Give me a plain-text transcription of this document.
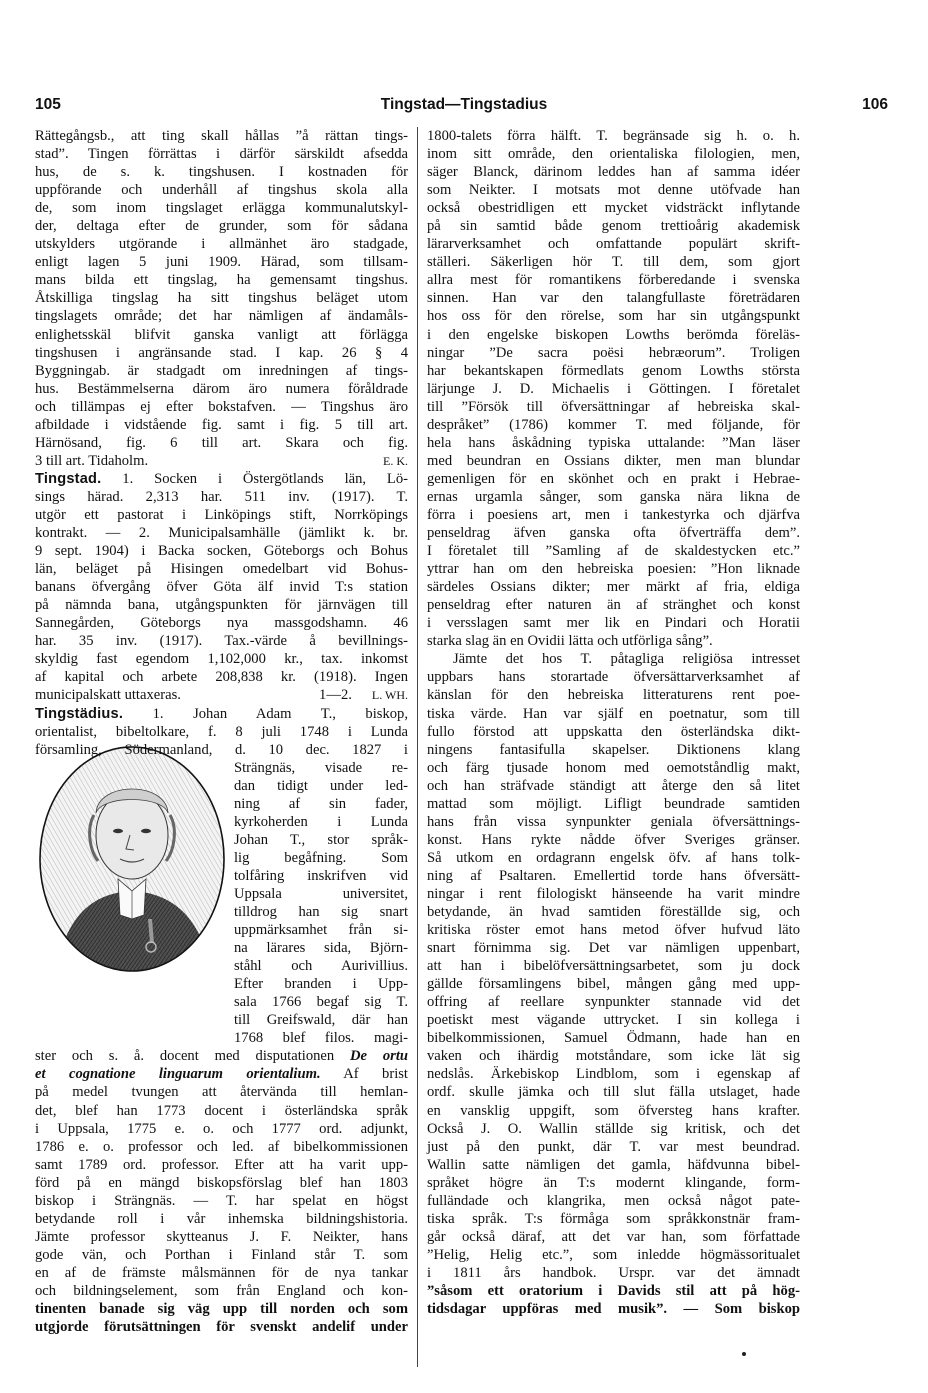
105	Tingstad—Tingstadius	106
Rättegångsb., att ting skall hållas ”å rättan tings-
stad”. Tingen förrättas i därför särskildt afsedda
hus, de s. k. tingshusen. I kostnaden för
uppförande och underhåll af tingshus skola alla
de, som inom tingslaget erlägga kommunalutskyl-
der, deltaga efter de grunder, som för sådana
utskylders utgörande i allmänhet äro stadgade,
enligt lagen 5 juni 1909. Härad, som tillsam-
mans bilda ett tingslag, ha gemensamt tingshus.
Åtskilliga tingslag ha sitt tingshus beläget utom
tingslagets område; det har nämligen af ändamåls-
enlighetsskäl blifvit ganska vanligt att förlägga
tingshusen i angränsande stad. I kap. 26 § 4
Byggningab. är stadgadt om inredningen af tings-
hus. Bestämmelserna därom äro numera föråldrade
och tillämpas ej efter bokstafven. — Tingshus äro
afbildade i vidstående fig. samt i fig. 5 till art.
Härnösand, fig. 6 till art. Skara och fig.
3 till art. Tidaholm.	E. K.
Tingstad. 1. Socken i Östergötlands län, Lö-
sings härad. 2,313 har. 511 inv. (1917). T.
utgör ett pastorat i Linköpings stift, Norrköpings
kontrakt. — 2. Municipalsamhälle (jämlikt k. br.
9 sept. 1904) i Backa socken, Göteborgs och Bohus
län, beläget på Hisingen omedelbart vid Bohus-
banans öfvergång öfver Göta älf invid T:s station
på nämnda bana, utgångspunkten för järnvägen till
Sannegården, Göteborgs nya massgodshamn. 46
har. 35 inv. (1917). Tax.-värde å bevillnings-
skyldig fast egendom 1,102,000 kr., tax. inkomst
af kapital och arbete 208,838 kr. (1918). Ingen
municipalskatt uttaxeras.	L. WH.
1—2.
Tingstädius. 1. Johan Adam T., biskop,
orientalist, bibeltolkare, f. 8 juli 1748 i Lunda
församling, Södermanland, d. 10 dec. 1827 i
Strängnäs, visade re-
dan tidigt under led-
ning af sin fader,
kyrkoherden i Lunda
Johan T., stor språk-
lig begåfning. Som
tolfåring inskrifven vid
Uppsala universitet,
tilldrog han sig snart
uppmärksamhet från si-
na lärares sida, Björn-
ståhl och Aurivillius.
Efter branden i Upp-
sala 1766 begaf sig T.
till Greifswald, där han
1768 blef filos. magi-
ster och s. å. docent med disputationen De ortu
et cognatione linguarum orientalium. Af brist
på medel tvungen att återvända till hemlan-
det, blef han 1773 docent i österländska språk
i Uppsala, 1775 e. o. och 1777 ord. adjunkt,
1786 e. o. professor och led. af bibelkommissionen
samt 1789 ord. professor. Efter att ha varit upp-
förd på en mängd biskopsförslag blef han 1803
biskop i Strängnäs. — T. har spelat en högst
betydande roll i vår inhemska bildningshistoria.
Jämte professor skytteanus J. F. Neikter, hans
gode vän, och Porthan i Finland står T. som
en af de främste målsmännen för de nya tankar
och bildningselement, som från England och kon-
tinenten banade sig väg upp till norden och som
utgjorde förutsättningen för svenskt andelif under
1800-talets förra hälft. T. begränsade sig h. o. h.
inom sitt område, den orientaliska filologien, men,
säger Blanck, därinom leddes han af samma idéer
som Neikter. I motsats mot denne utöfvade han
också obestridligen ett mycket vidsträckt inflytande
på sin samtid både genom trettioårig akademisk
lärarverksamhet och omfattande populärt skrift-
ställeri. Säkerligen hör T. till dem, som gjort
allra mest för romantikens förberedande i svenska
sinnen. Han var den talangfullaste företrädaren
hos oss för den rörelse, som har sin utgångspunkt
i den engelske biskopen Lowths berömda föreläs-
ningar ”De sacra poësi hebræorum”. Troligen
har bekantskapen förmedlats genom Lowths största
lärjunge J. D. Michaelis i Göttingen. I företalet
till ”Försök till öfversättningar af hebreiska skal-
despråket” (1786) kommer T. med följande, för
hela hans åskådning typiska uttalande: ”Man läser
med beundran en Ossians dikter, men man blundar
gemenligen för en skönhet och en prakt i Hebrae-
ernas urgamla sånger, som ganska nära likna de
förra i poesiens art, men i tankestyrka och djärfva
penseldrag äfven ganska ofta öfverträffa dem”.
I företalet till ”Samling af de skaldestycken etc.”
yttrar han om den hebreiska poesien: ”Hon liknade
särdeles Ossians dikter; mer märkt af fria, eldiga
penseldrag efter naturen än af stränghet och konst
i versslagen samt mer lik en Pindari och Horatii
starka slag än en Ovidii lätta och utförliga sång”.
Jämte det hos T. påtagliga religiösa intresset
uppbars hans storartade öfversättarverksamhet af
känslan för den hebreiska litteraturens rent poe-
tiska värde. Han var själf en poetnatur, som till
fullo förstod att uppskatta den österländska dikt-
ningens fantasifulla skapelser. Diktionens klang
och färg tjusade honom med oemotståndlig makt,
och han sträfvade ständigt att återge den så litet
mattad som möjligt. Lifligt beundrade samtiden
hans från vissa synpunkter geniala öfversättnings-
konst. Hans rykte nådde öfver Sveriges gränser.
Så utkom en ordagrann engelsk öfv. af hans tolk-
ning af Psaltaren. Emellertid torde hans öfversätt-
ningar i rent filologiskt hänseende ha varit mindre
betydande, än hvad samtiden föreställde sig, och
kritiska röster emot hans metod öfver hufvud läto
snart förnimma sig. Det var nämligen uppenbart,
att han i bibelöfversättningsarbetet, som ju dock
gällde församlingens bibel, mången gång med upp-
offring af reellare synpunkter stannade vid det
poetiskt mest vägande uttrycket. I sin kollega i
bibelkommissionen, Samuel Ödmann, hade han en
vaken och ihärdig motståndare, som icke lät sig
nedslås. Ärkebiskop Lindblom, som i egenskap af
ordf. skulle jämka och till slut fälla utslaget, hade
en vansklig uppgift, som öfversteg hans krafter.
Också J. O. Wallin ställde sig kritisk, och det
just på den punkt, där T. var mest beundrad.
Wallin satte nämligen det gamla, häfdvunna bibel-
språket högre än T:s modernt klingande, form-
fulländade och klangrika, men också något pate-
tiska språk. T:s förmåga som språkkonstnär fram-
går också däraf, att det var han, som författade
”Helig, Helig etc.”, som inledde högmässoritualet
i 1811 års handbok. Urspr. var det ämnadt
”såsom ett oratorium i Davids stil att på hög-
tidsdagar uppföras med musik”. — Som biskop
